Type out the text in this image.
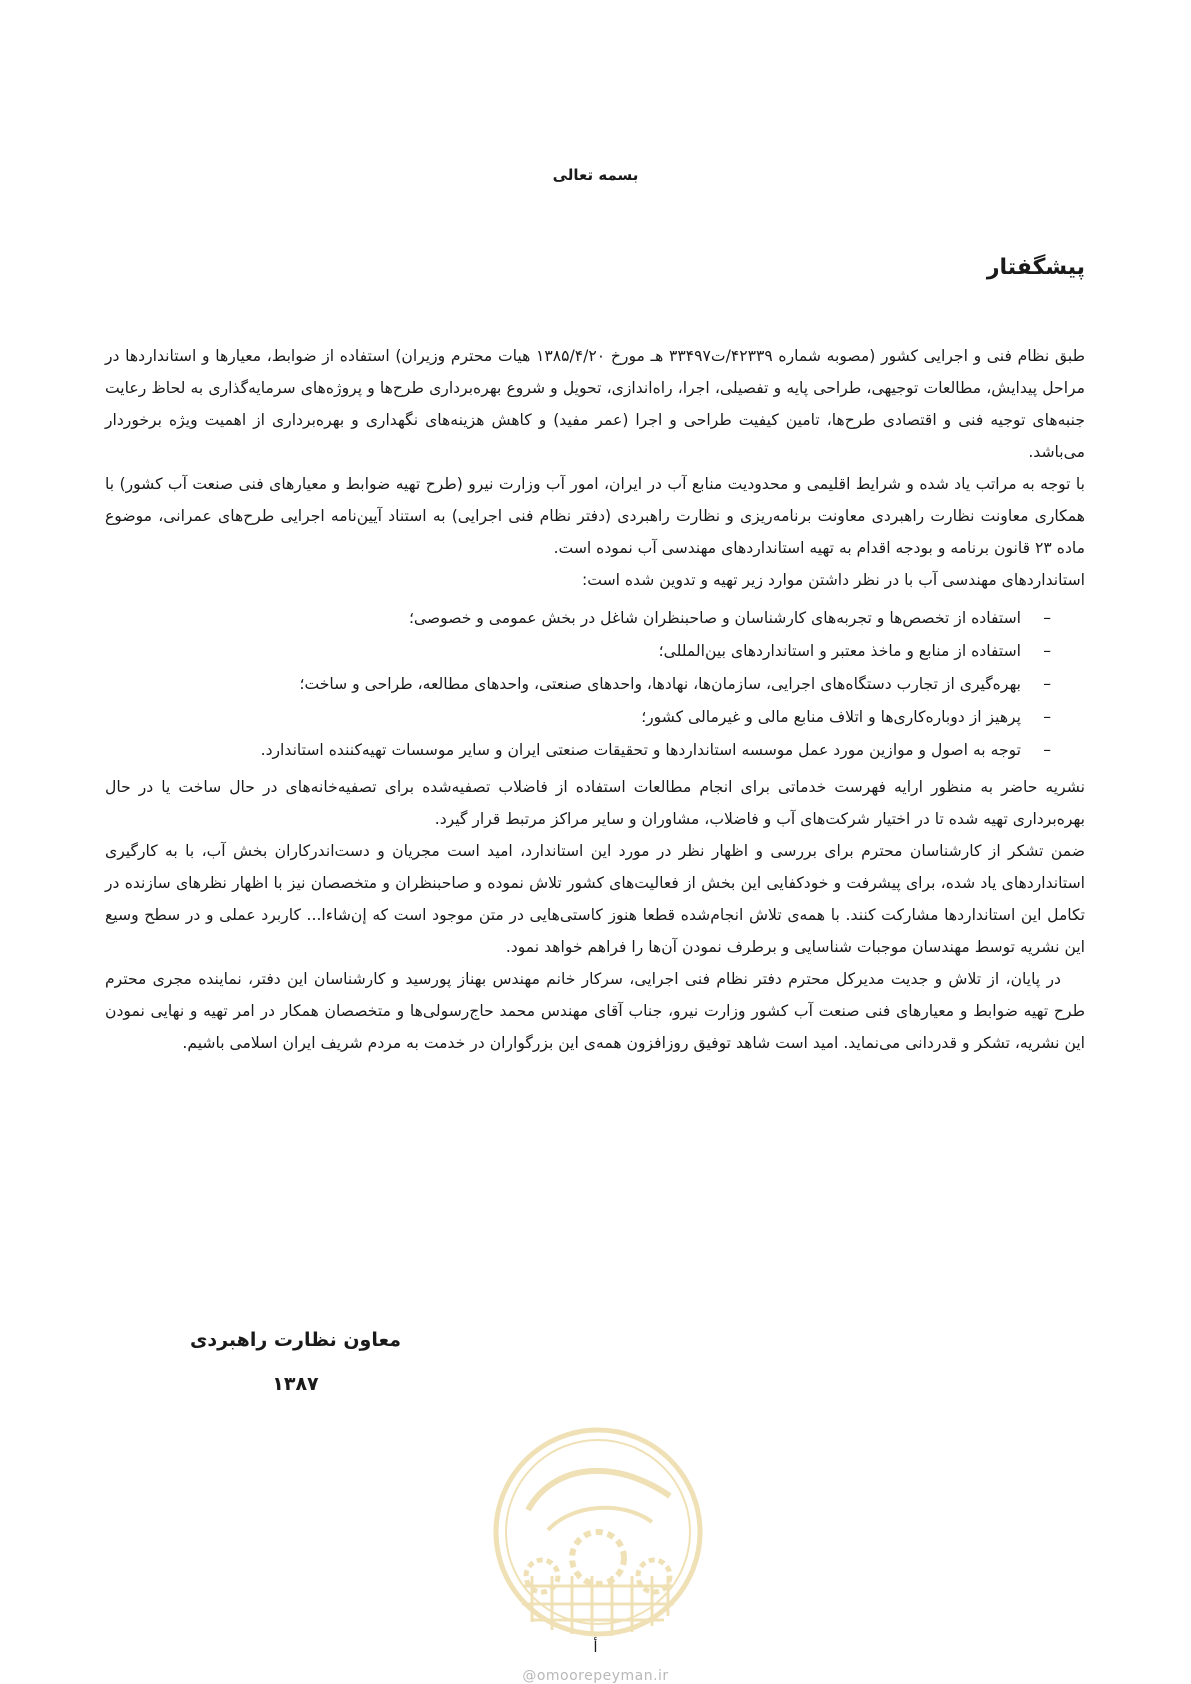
بسمه تعالی
پیشگفتار

طبق نظام فنی و اجرایی کشور (مصوبه شماره ۴۲۳۳۹/ت۳۳۴۹۷ هـ مورخ ۱۳۸۵/۴/۲۰ هیات محترم وزیران) استفاده از ضوابط، معیارها و استانداردها در مراحل پیدایش، مطالعات توجیهی، طراحی پایه و تفصیلی، اجرا، راه‌اندازی، تحویل و شروع بهره‌برداری طرح‌ها و پروژه‌های سرمایه‌گذاری به لحاظ رعایت جنبه‌های توجیه فنی و اقتصادی طرح‌ها، تامین کیفیت طراحی و اجرا (عمر مفید) و کاهش هزینه‌های نگهداری و بهره‌برداری از اهمیت ویژه برخوردار می‌باشد.

با توجه به مراتب یاد شده و شرایط اقلیمی و محدودیت منابع آب در ایران، امور آب وزارت نیرو (طرح تهیه ضوابط و معیارهای فنی صنعت آب کشور) با همکاری معاونت نظارت راهبردی معاونت برنامه‌ریزی و نظارت راهبردی (دفتر نظام فنی اجرایی) به استناد آیین‌نامه اجرایی طرح‌های عمرانی، موضوع ماده ۲۳ قانون برنامه و بودجه اقدام به تهیه استانداردهای مهندسی آب نموده است.

استانداردهای مهندسی آب با در نظر داشتن موارد زیر تهیه و تدوین شده است:

– استفاده از تخصص‌ها و تجربه‌های کارشناسان و صاحبنظران شاغل در بخش عمومی و خصوصی؛
– استفاده از منابع و ماخذ معتبر و استانداردهای بین‌المللی؛
– بهره‌گیری از تجارب دستگاه‌های اجرایی، سازمان‌ها، نهادها، واحدهای صنعتی، واحدهای مطالعه، طراحی و ساخت؛
– پرهیز از دوباره‌کاری‌ها و اتلاف منابع مالی و غیرمالی کشور؛
– توجه به اصول و موازین مورد عمل موسسه استانداردها و تحقیقات صنعتی ایران و سایر موسسات تهیه‌کننده استاندارد.

نشریه حاضر به منظور ارایه فهرست خدماتی برای انجام مطالعات استفاده از فاضلاب تصفیه‌شده برای تصفیه‌خانه‌های در حال ساخت یا در حال بهره‌برداری تهیه شده تا در اختیار شرکت‌های آب و فاضلاب، مشاوران و سایر مراکز مرتبط قرار گیرد.

ضمن تشکر از کارشناسان محترم برای بررسی و اظهار نظر در مورد این استاندارد، امید است مجریان و دست‌اندرکاران بخش آب، با به کارگیری استانداردهای یاد شده، برای پیشرفت و خودکفایی این بخش از فعالیت‌های کشور تلاش نموده و صاحبنظران و متخصصان نیز با اظهار نظرهای سازنده در تکامل این استانداردها مشارکت کنند. با همه‌ی تلاش انجام‌شده قطعا هنوز کاستی‌هایی در متن موجود است که إن‌شاءا... کاربرد عملی و در سطح وسیع این نشریه توسط مهندسان موجبات شناسایی و برطرف نمودن آن‌ها را فراهم خواهد نمود.

در پایان، از تلاش و جدیت مدیرکل محترم دفتر نظام فنی اجرایی، سرکار خانم مهندس بهناز پورسید و کارشناسان این دفتر، نماینده مجری محترم طرح تهیه ضوابط و معیارهای فنی صنعت آب کشور وزارت نیرو، جناب آقای مهندس محمد حاج‌رسولی‌ها و متخصصان همکار در امر تهیه و نهایی نمودن این نشریه، تشکر و قدردانی می‌نماید. امید است شاهد توفیق روزافزون همه‌ی این بزرگواران در خدمت به مردم شریف ایران اسلامی باشیم.

معاون نظارت راهبردی
۱۳۸۷
أ
@omoorepeyman.ir
